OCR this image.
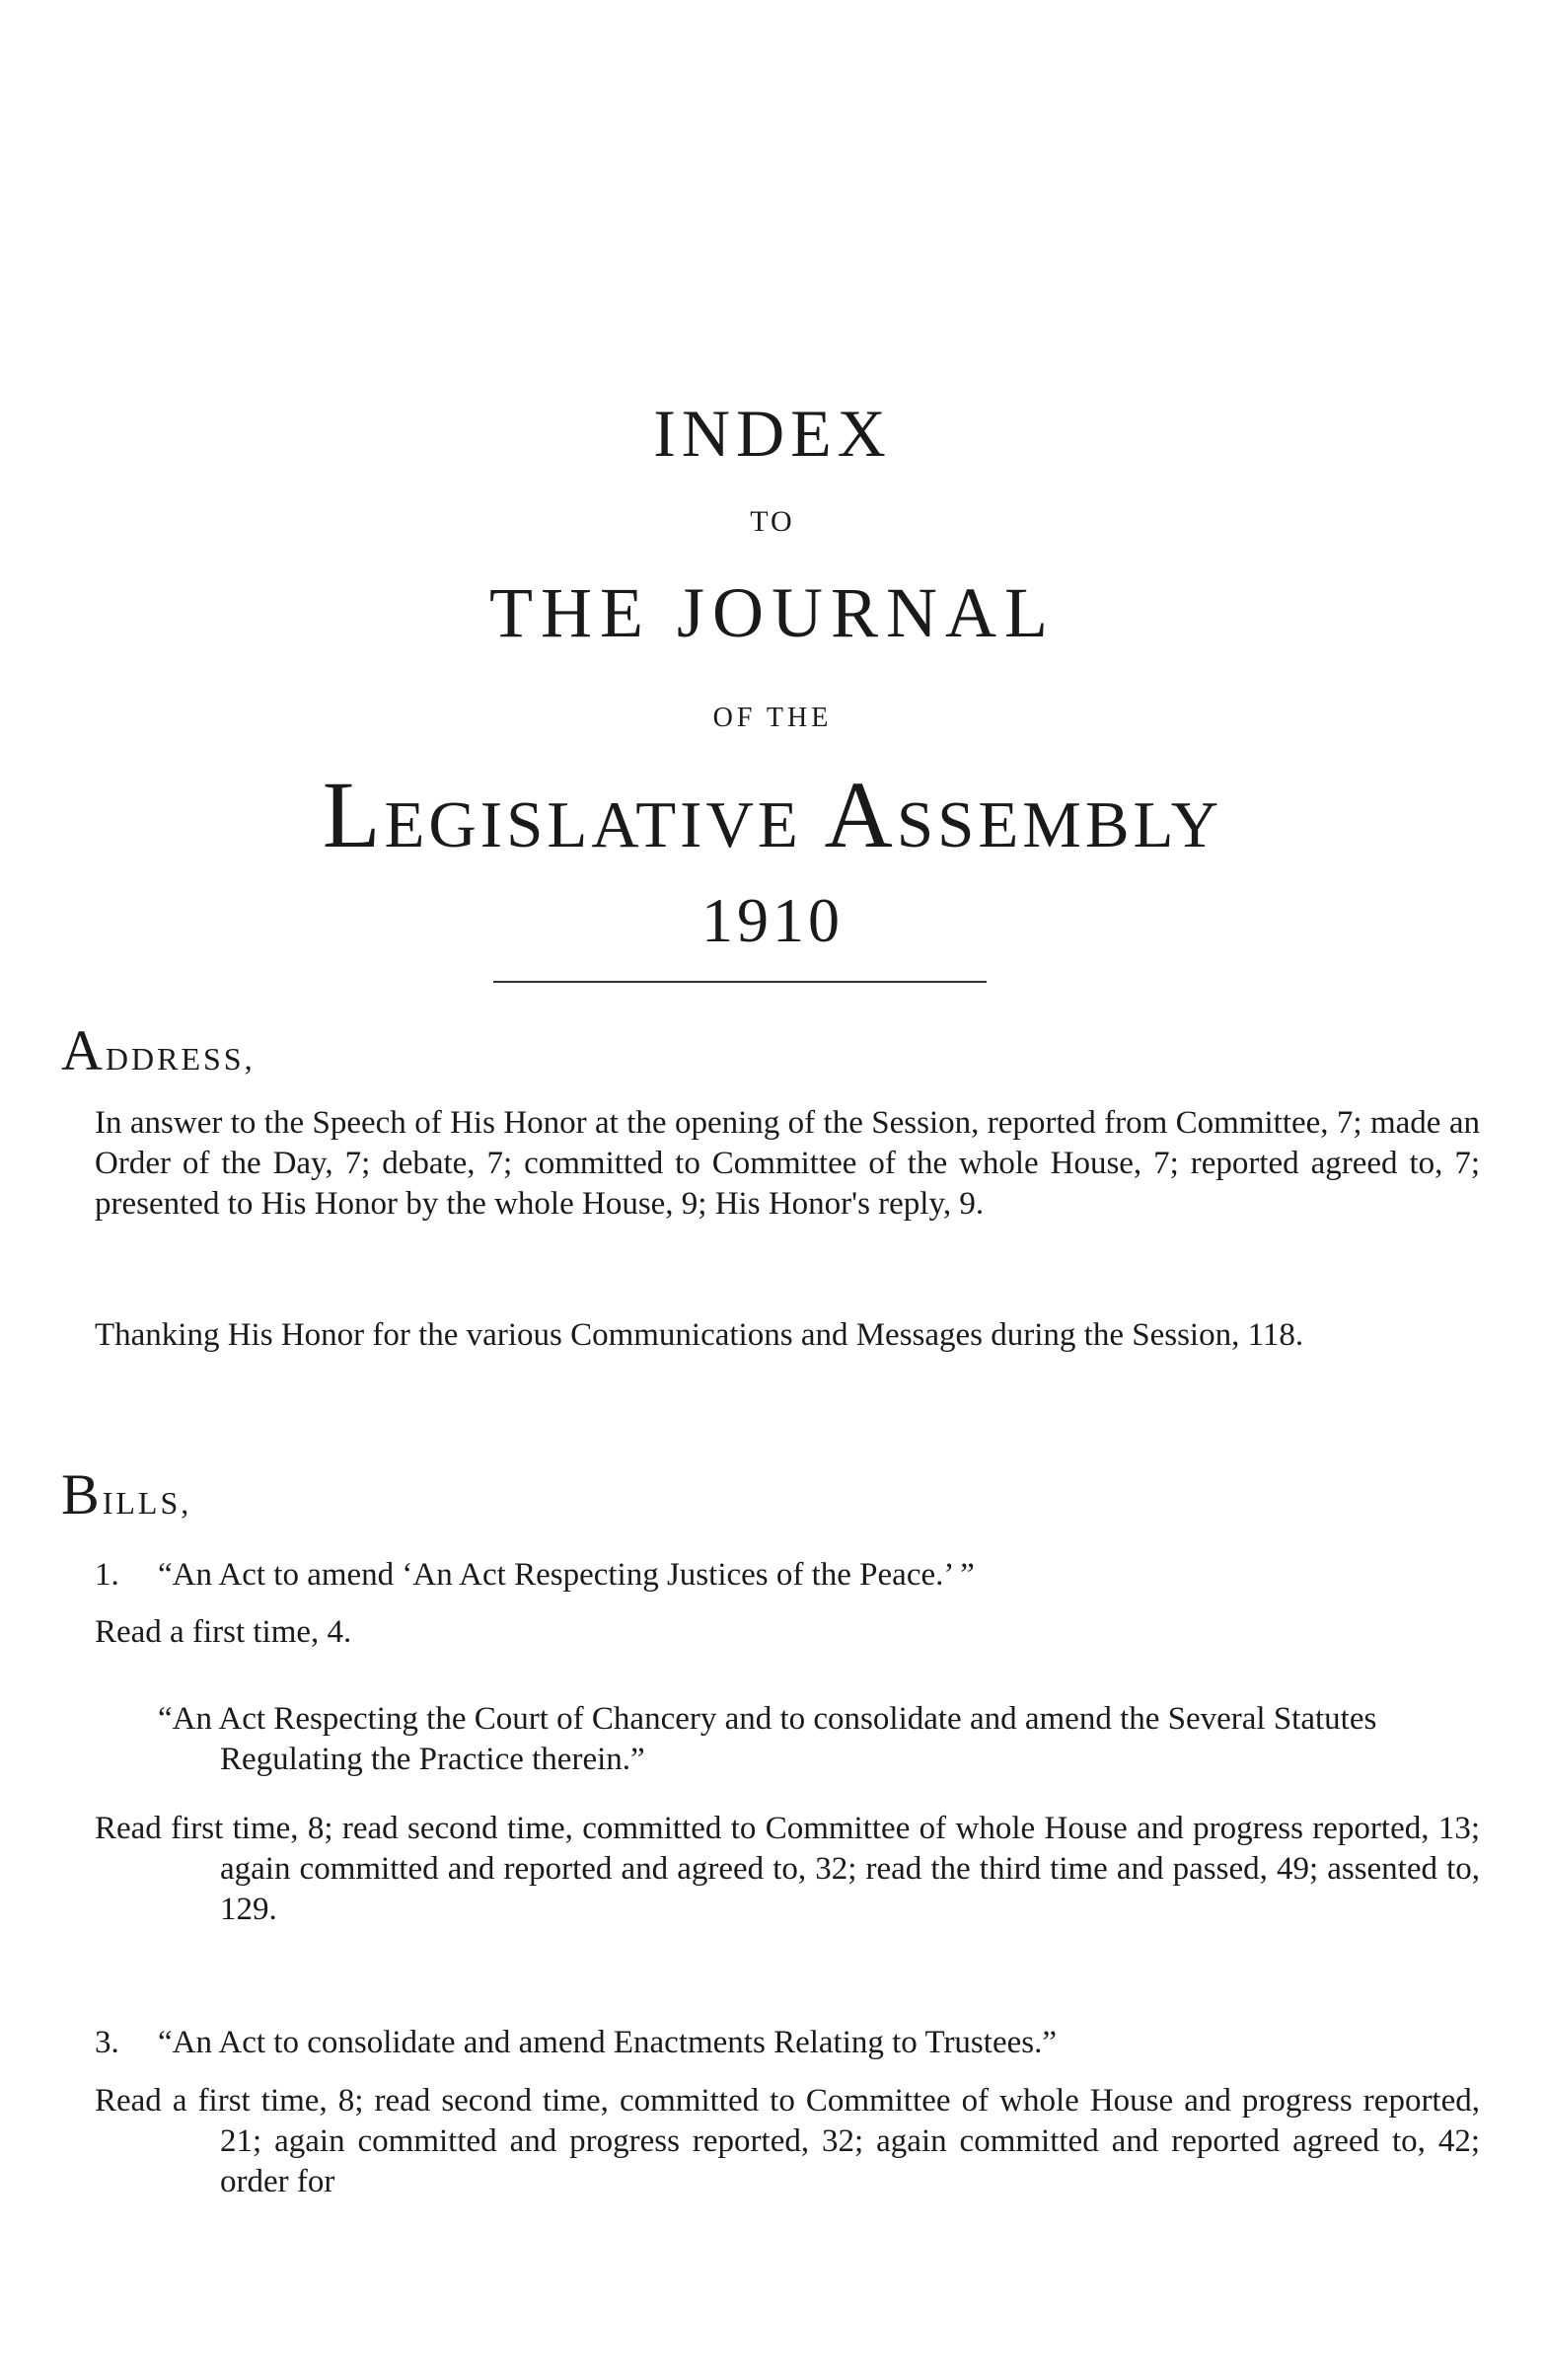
INDEX
TO
THE JOURNAL
OF THE
Legislative Assembly
1910
ADDRESS,

In answer to the Speech of His Honor at the opening of the Session, reported from Committee, 7; made an Order of the Day, 7; debate, 7; committed to Committee of the whole House, 7; reported agreed to, 7; presented to His Honor by the whole House, 9; His Honor's reply, 9.

Thanking His Honor for the various Communications and Messages during the Session, 118.

BILLS,

1. “An Act to amend ‘An Act Respecting Justices of the Peace.’ ”

Read a first time, 4.

“An Act Respecting the Court of Chancery and to consolidate and amend the Several Statutes Regulating the Practice therein.”

Read first time, 8; read second time, committed to Committee of whole House and progress reported, 13; again committed and reported and agreed to, 32; read the third time and passed, 49; assented to, 129.

3. “An Act to consolidate and amend Enactments Relating to Trustees.”

Read a first time, 8; read second time, committed to Committee of whole House and progress reported, 21; again committed and progress reported, 32; again committed and reported agreed to, 42; order for
